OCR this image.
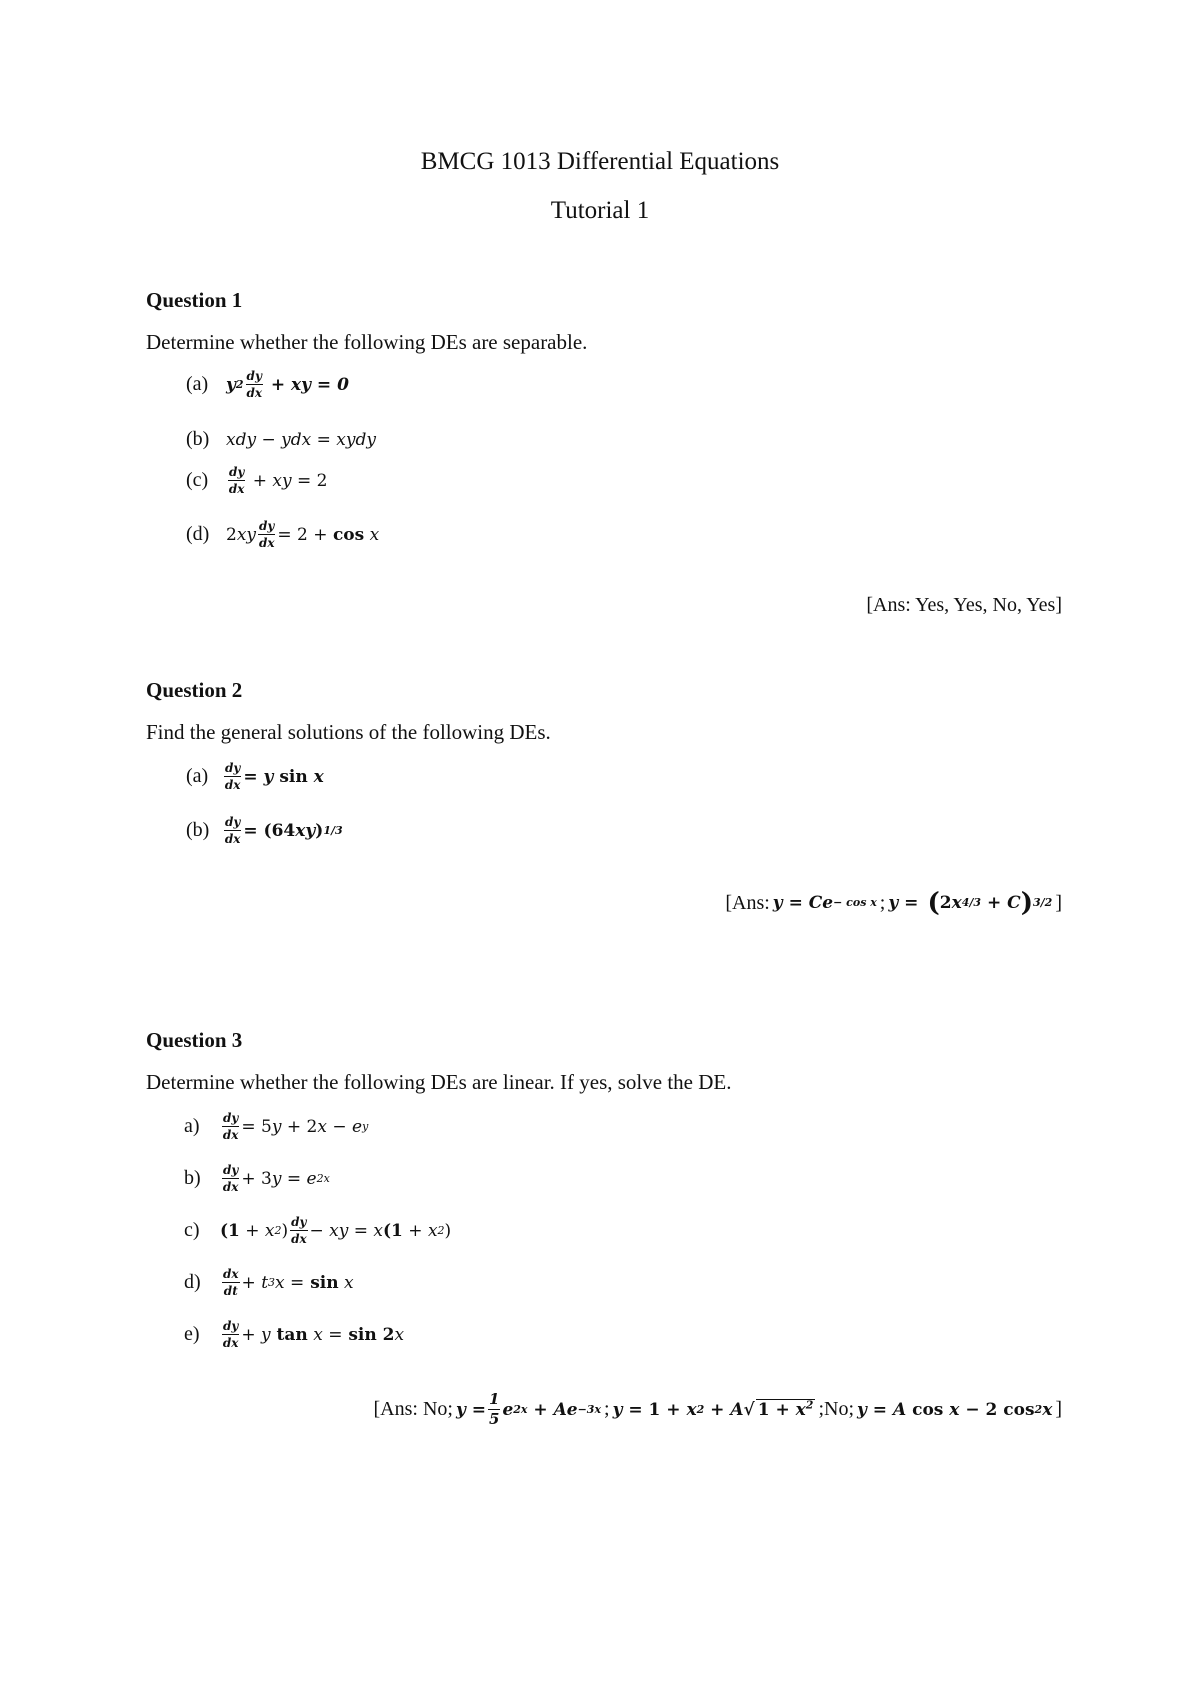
BMCG 1013 Differential Equations
Tutorial 1
Question 1
Determine whether the following DEs are separable.
(a)	y $2 \frac{dy}{dx}$ + xy = 0
(b) xdy − ydx = xydy
(c)	$\frac{dy}{dx}$ + xy = 2
(d) 2 xy $\frac{dy}{dx} = 2 + \cos x$
[Ans: Yes, Yes, No, Yes]
Question 2
Find the general solutions of the following DEs.
(a)	$\frac{dy}{dx} = y$ sin x
(b)	$\frac{dy}{dx} = (64$ xy ) 1/3
[Ans: y = Ce − cos x ; y = ( 2 x 4/3 + C ) 3/2 ]
Question 3
Determine whether the following DEs are linear. If yes, solve the DE.
a)	$\frac{dy}{dx} = 5$ y + 2 x − e y
b)	$\frac{dy}{dx} + 3$ y = e 2x
c)	(1 + x 2 ) $\frac{dy}{dx}$ − xy = x (1 + x 2 )
d)	$\frac{dx}{dt} + t$ 3 x = sin x
e)	$\frac{dy}{dx} + y$ tan x = sin 2 x
[Ans: No; $y = \frac{1}{5}$ e 2x + Ae −3x ; y = 1 + x 2 + A √ $1 + x^2$ ; No; y = A cos x − 2 cos 2 x ]
